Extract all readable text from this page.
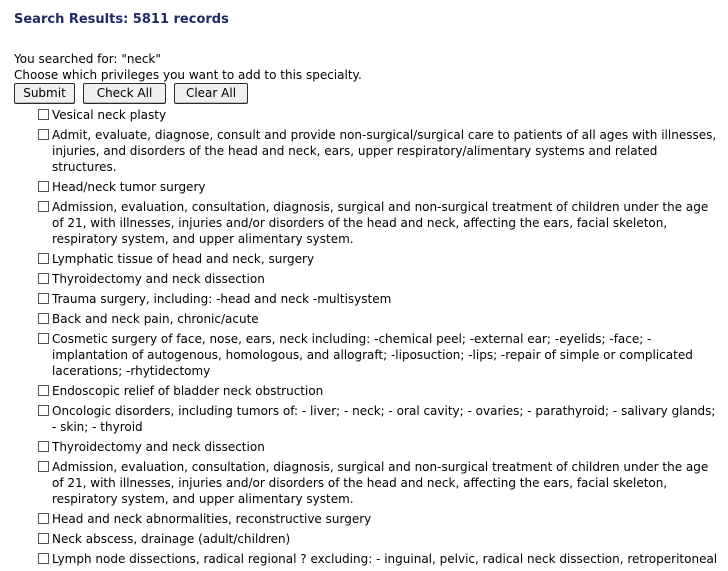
Search Results: 5811 records
You searched for: "neck"
Choose which privileges you want to add to this specialty.
Submit	Check All	Clear All
Vesical neck plasty
Admit, evaluate, diagnose, consult and provide non-surgical/surgical care to patients of all ages with illnesses, injuries, and disorders of the head and neck, ears, upper respiratory/alimentary systems and related structures.
Head/neck tumor surgery
Admission, evaluation, consultation, diagnosis, surgical and non-surgical treatment of children under the age of 21, with illnesses, injuries and/or disorders of the head and neck, affecting the ears, facial skeleton, respiratory system, and upper alimentary system.
Lymphatic tissue of head and neck, surgery
Thyroidectomy and neck dissection
Trauma surgery, including: -head and neck -multisystem
Back and neck pain, chronic/acute
Cosmetic surgery of face, nose, ears, neck including: -chemical peel; -external ear; -eyelids; -face; -implantation of autogenous, homologous, and allograft; -liposuction; -lips; -repair of simple or complicated lacerations; -rhytidectomy
Endoscopic relief of bladder neck obstruction
Oncologic disorders, including tumors of: - liver; - neck; - oral cavity; - ovaries; - parathyroid; - salivary glands; - skin; - thyroid
Thyroidectomy and neck dissection
Admission, evaluation, consultation, diagnosis, surgical and non-surgical treatment of children under the age of 21, with illnesses, injuries and/or disorders of the head and neck, affecting the ears, facial skeleton, respiratory system, and upper alimentary system.
Head and neck abnormalities, reconstructive surgery
Neck abscess, drainage (adult/children)
Lymph node dissections, radical regional ? excluding: - inguinal, pelvic, radical neck dissection, retroperitoneal
